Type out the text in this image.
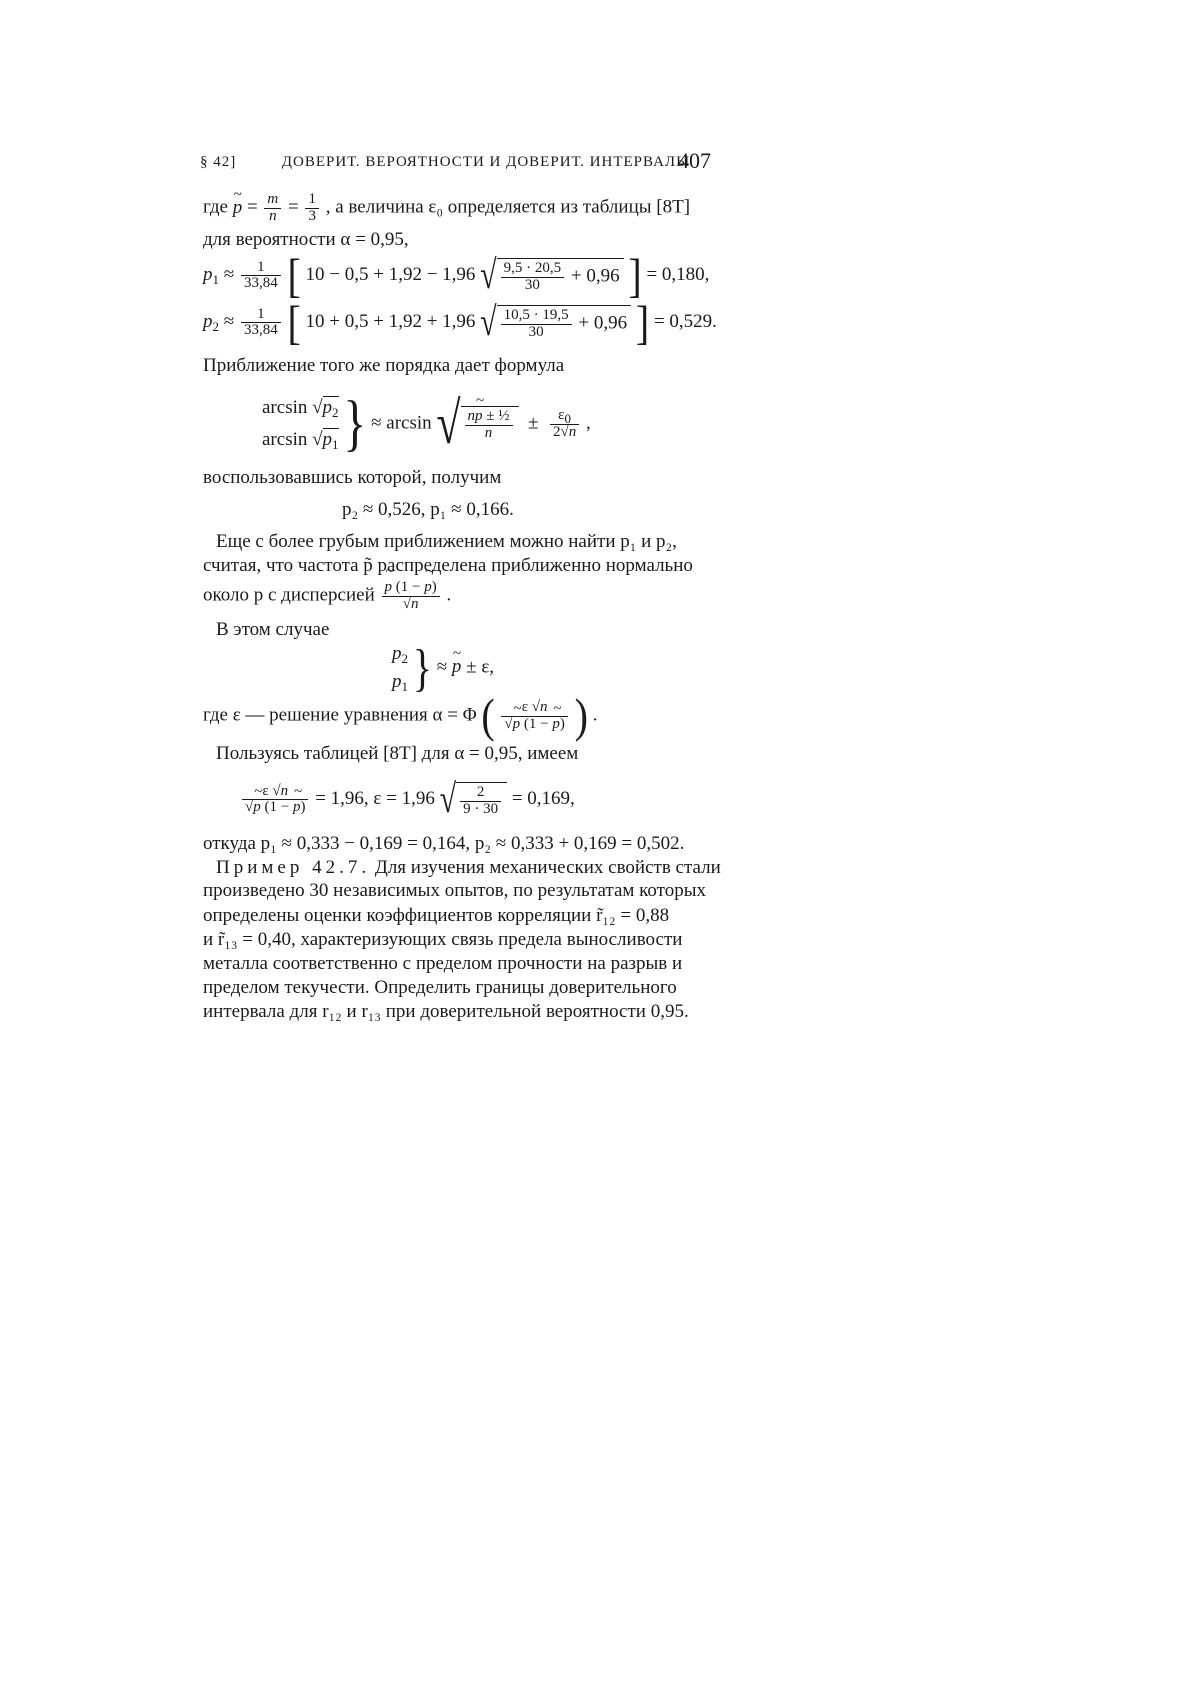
§ 42]	ДОВЕРИТ. ВЕРОЯТНОСТИ И ДОВЕРИТ. ИНТЕРВАЛЫ
407
где ~ $p = \frac{m}{n} = \frac{1}{3}$ , а величина ε₀ определяется из таблицы [8T]
для вероятности α = 0,95,
$p_1 \approx \frac{1}{33,84}$ [ 10 − 0,5 + 1,92 − 1,96 √ $\frac{9,5 \cdot 20,5}{30} + 0,96$ ] = 0,180,
$p_2 \approx \frac{1}{33,84}$ [ 10 + 0,5 + 1,92 + 1,96 √ $\frac{10,5 \cdot 19,5}{30} + 0,96$ ] = 0,529.
Приближение того же порядка дает формула
$\arcsin √p_2$
$\arcsin √p_1$ } ≈ arcsin √ $\frac{\text{n\textasciitilde{} p ± ½}}{n} \pm \frac{\varepsilon_0}{2√n}$ ,
воспользовавшись которой, получим
p₂ ≈ 0,526, p₁ ≈ 0,166.
Еще с более грубым приближением можно найти p₁ и p₂,
считая, что частота p̃ распределена приближенно нормально
около p с дисперсией ~ $\frac{p (1 - \sim p)}{√n}$ .
В этом случае
$p_2$
$p_1$ } ≈ ~ p ± ε,
где ε — решение уравнения α = Φ ( $\frac{\varepsilon √n}{√\sim p (1 - \sim p)}$ ) .
Пользуясь таблицей [8T] для α = 0,95, имеем
$\frac{\varepsilon √n}{√\sim p (1 - \sim p)} = 1,96$, ε = 1,96 √ $\frac{2}{9 \cdot 30} = 0,169$,
откуда p₁ ≈ 0,333 − 0,169 = 0,164, p₂ ≈ 0,333 + 0,169 = 0,502.
Пример 42.7. Для изучения механических свойств стали
произведено 30 независимых опытов, по результатам которых
определены оценки коэффициентов корреляции r̃₁₂ = 0,88
и r̃₁₃ = 0,40, характеризующих связь предела выносливости
металла соответственно с пределом прочности на разрыв и
пределом текучести. Определить границы доверительного
интервала для r₁₂ и r₁₃ при доверительной вероятности 0,95.
